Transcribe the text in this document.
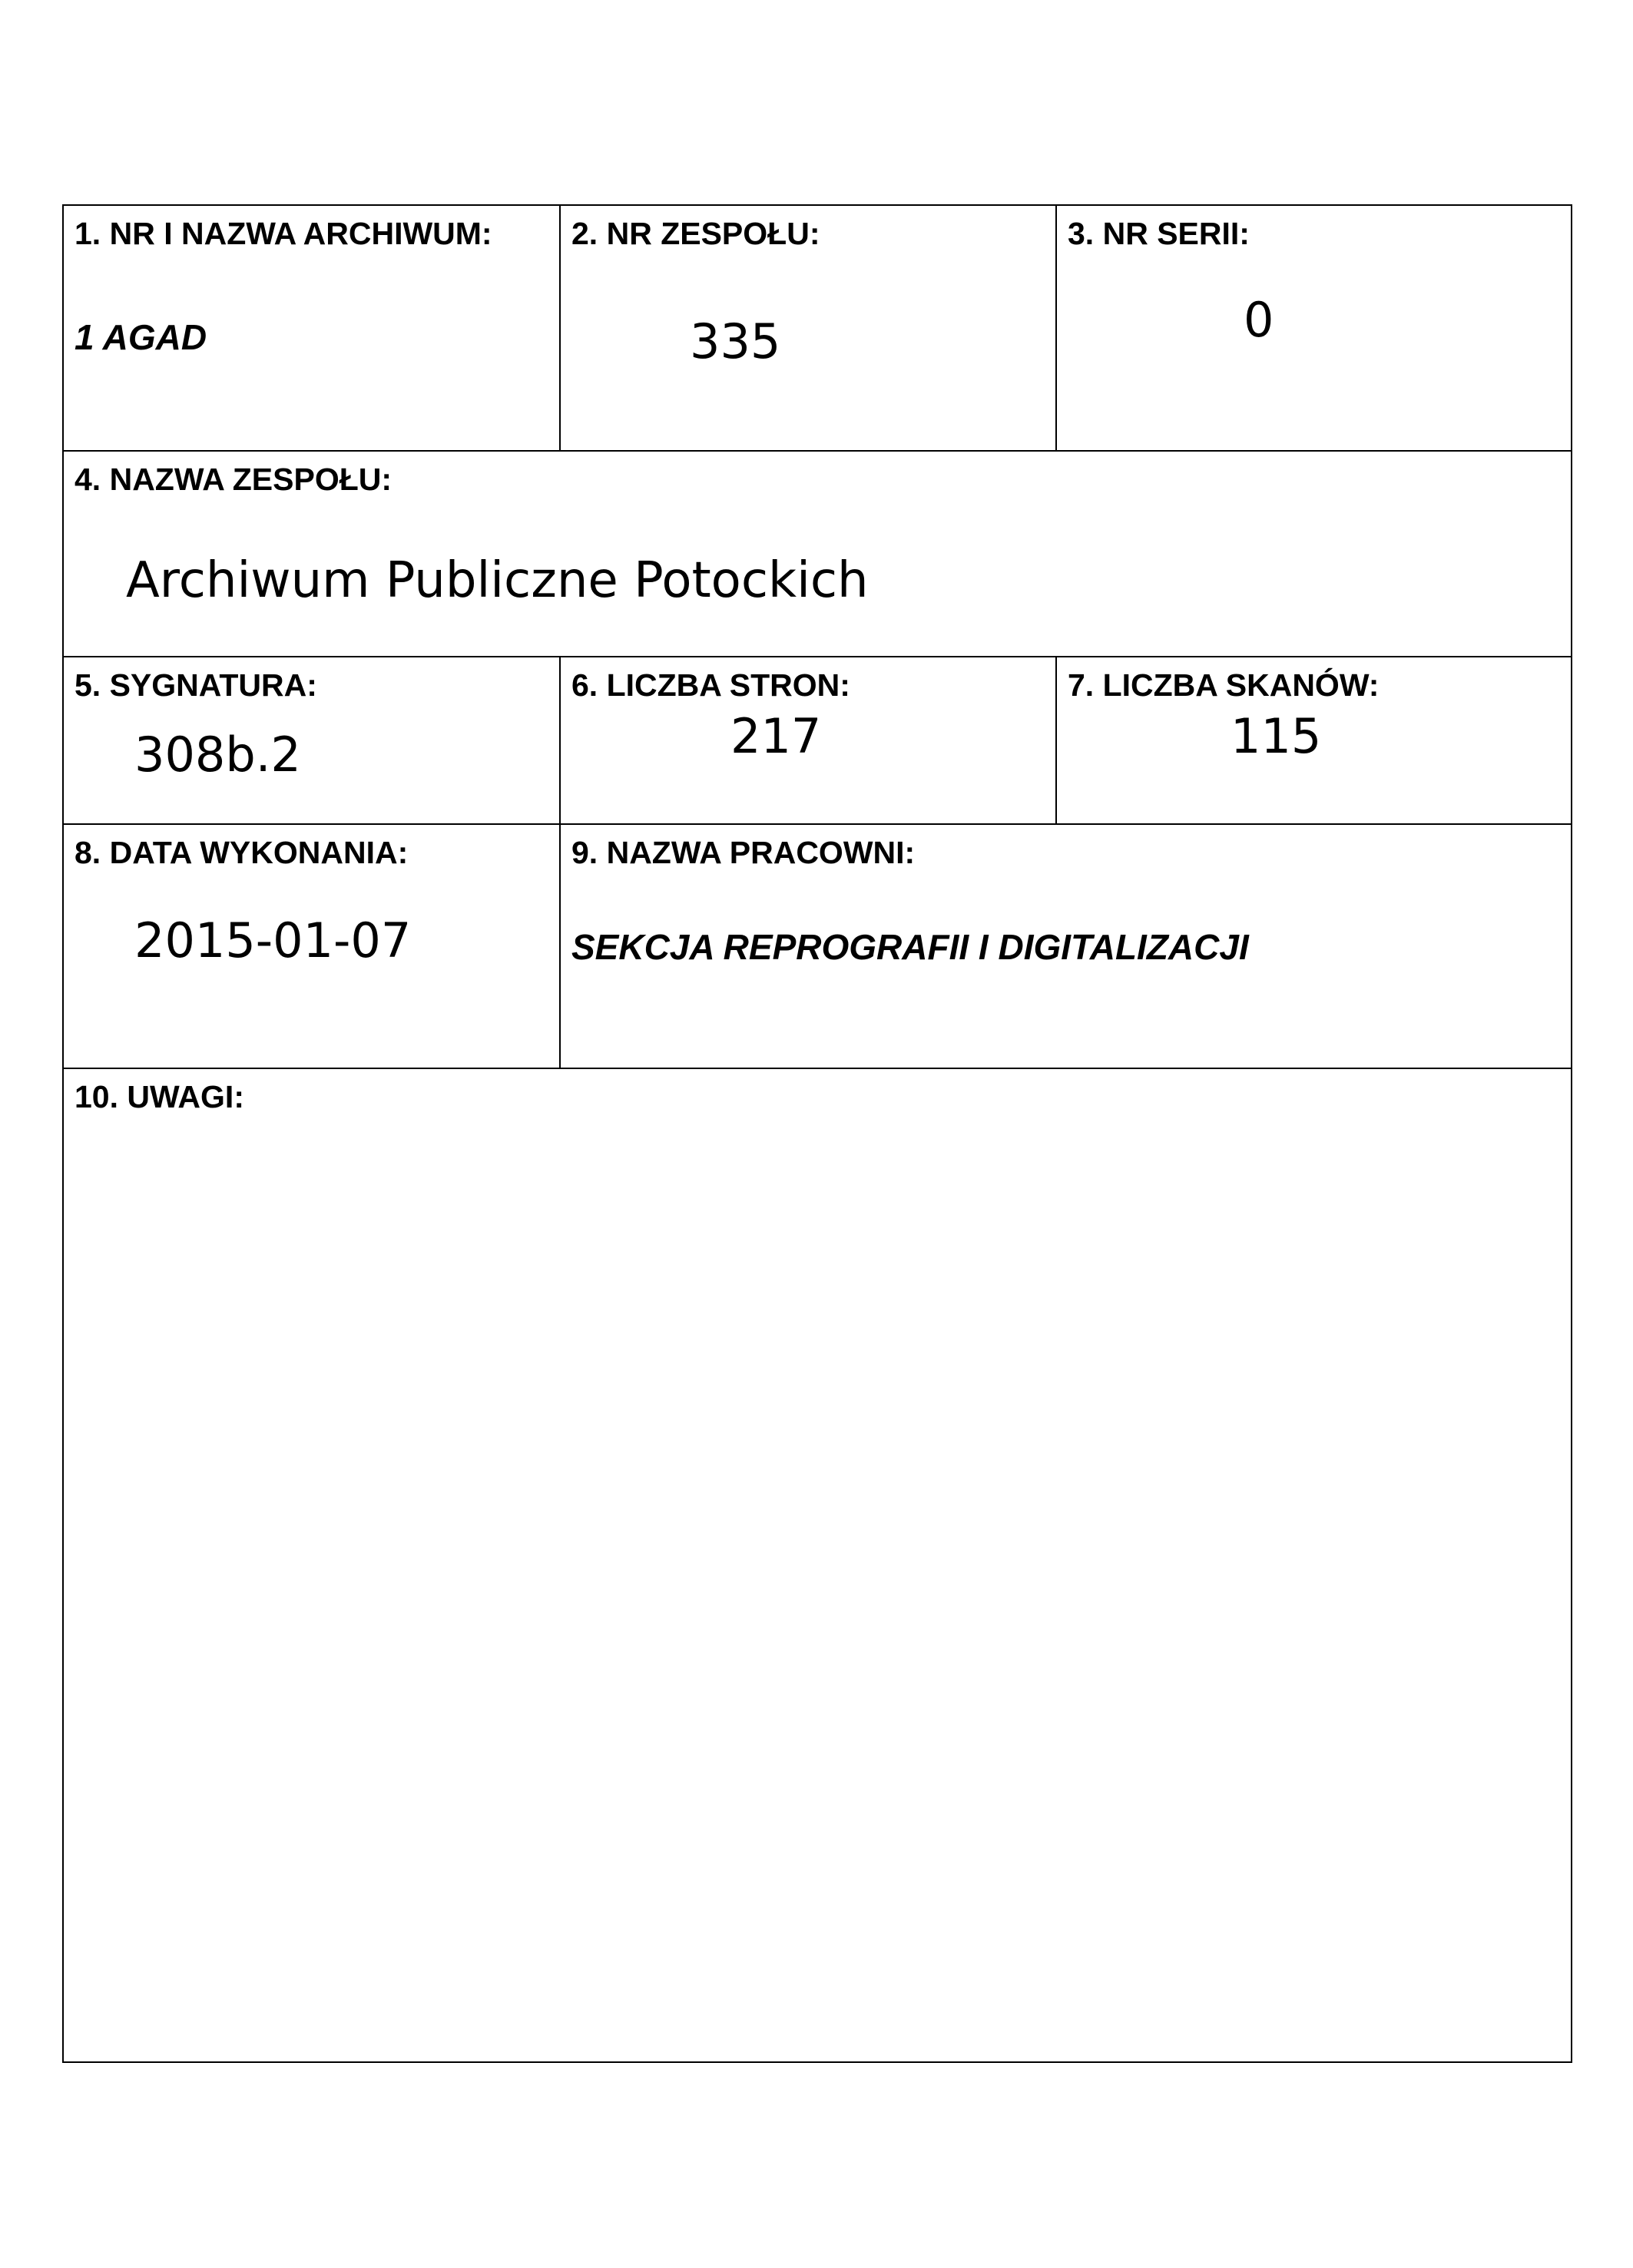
1. NR I NAZWA ARCHIWUM:
1 AGAD
2. NR ZESPOŁU:
335
3. NR SERII:
0
4. NAZWA ZESPOŁU:
Archiwum Publiczne Potockich
5. SYGNATURA:
308b.2
6. LICZBA STRON:
217
7. LICZBA SKANÓW:
115
8. DATA WYKONANIA:
2015-01-07
9. NAZWA PRACOWNI:
SEKCJA REPROGRAFII I DIGITALIZACJI
10. UWAGI:
